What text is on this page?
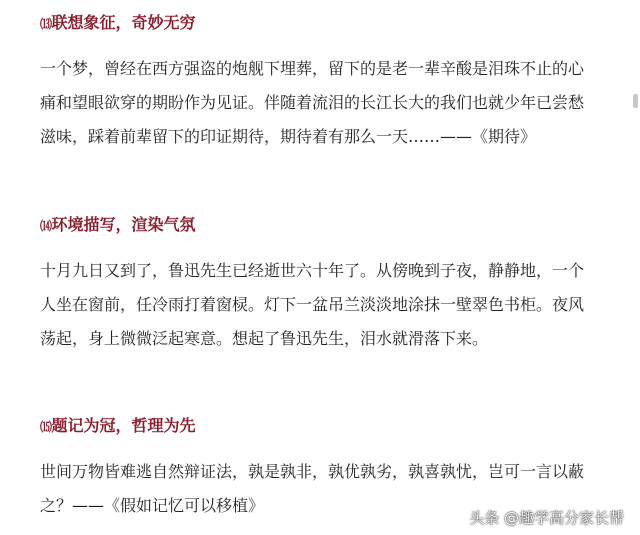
⒀联想象征，奇妙无穷
一个梦，曾经在西方强盗的炮舰下埋葬，留下的是老一辈辛酸是泪珠不止的心
痛和望眼欲穿的期盼作为见证。伴随着流泪的长江长大的我们也就少年已尝愁
滋味，踩着前辈留下的印证期待，期待着有那么一天……——《期待》
⒁环境描写，渲染气氛
十月九日又到了，鲁迅先生已经逝世六十年了。从傍晚到子夜，静静地，一个
人坐在窗前，任冷雨打着窗棂。灯下一盆吊兰淡淡地涂抹一壁翠色书柜。夜风
荡起，身上微微泛起寒意。想起了鲁迅先生，泪水就滑落下来。
⒂题记为冠，哲理为先
世间万物皆难逃自然辩证法，孰是孰非，孰优孰劣，孰喜孰忧，岂可一言以蔽
之？——《假如记忆可以移植》
头条 @趣学高分家长帮
